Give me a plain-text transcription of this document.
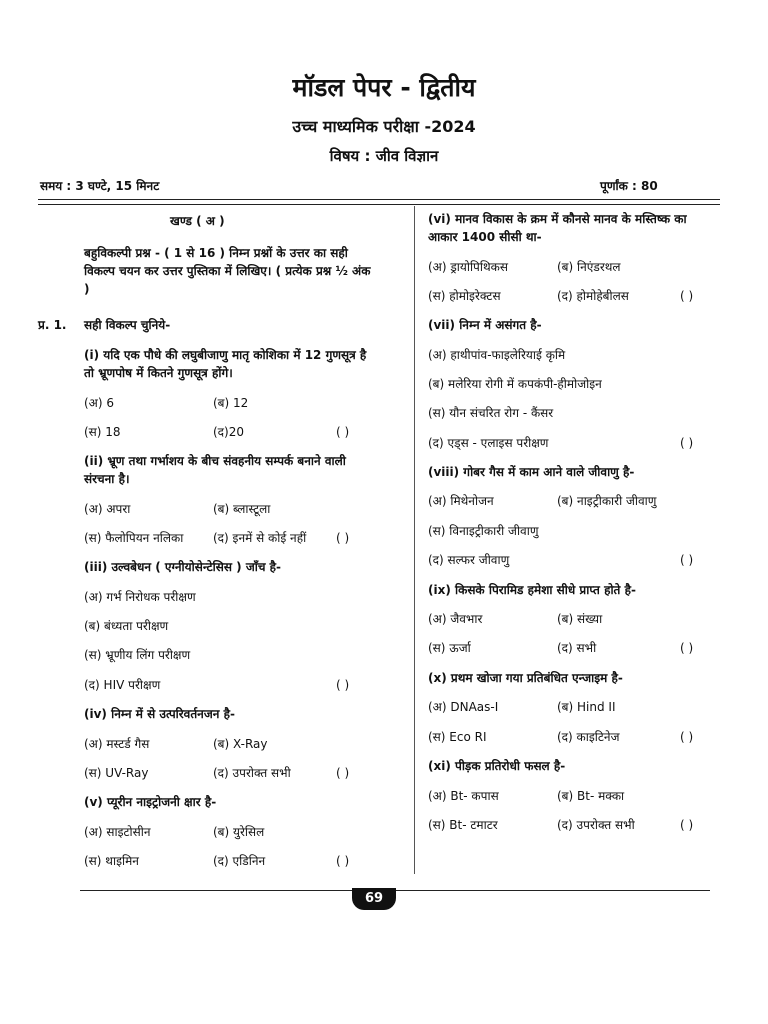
मॉडल पेपर - द्वितीय
उच्च माध्यमिक परीक्षा -2024
विषय : जीव विज्ञान
समय : 3 घण्टे, 15 मिनट	पूर्णांक : 80
खण्ड ( अ )
बहुविकल्पी प्रश्न - ( 1 से 16 ) निम्न प्रश्नों के उत्तर का सही विकल्प चयन कर उत्तर पुस्तिका में लिखिए। ( प्रत्येक प्रश्न ½ अंक )
प्र. 1. सही विकल्प चुनिये-
(i) यदि एक पौधे की लघुबीजाणु मातृ कोशिका में 12 गुणसूत्र है तो भ्रूणपोष में कितने गुणसूत्र होंगे।
(अ) 6	(ब) 12
(स) 18	(द)20	( )
(ii) भ्रूण तथा गर्भाशय के बीच संवहनीय सम्पर्क बनाने वाली संरचना है।
(अ) अपरा	(ब) ब्लास्टूला
(स) फैलोपियन नलिका (द) इनमें से कोई नहीं ( )
(iii) उल्वबेधन ( एग्नीयोसेन्टेसिस ) जाँच है-
(अ) गर्भ निरोधक परीक्षण
(ब) बंध्यता परीक्षण
(स) भ्रूणीय लिंग परीक्षण
(द) HIV परीक्षण	( )
(iv) निम्न में से उत्परिवर्तनजन है-
(अ) मस्टर्ड गैस	(ब) X-Ray
(स) UV-Ray	(द) उपरोक्त सभी	( )
(v) प्यूरीन नाइट्रोजनी क्षार है-
(अ) साइटोसीन	(ब) युरेसिल
(स) थाइमिन	(द) एडिनिन	( )
(vi) मानव विकास के क्रम में कौनसे मानव के मस्तिष्क का आकार 1400 सीसी था-
(अ) ड्रायोपिथिकस	(ब) निएंडरथल
(स) होमोइरेक्टस	(द) होमोहेबीलस	( )
(vii) निम्न में असंगत है-
(अ) हाथीपांव-फाइलेरियाई कृमि
(ब) मलेरिया रोगी में कपकंपी-हीमोजोइन
(स) यौन संचरित रोग - कैंसर
(द) एड्स - एलाइस परीक्षण	( )
(viii) गोबर गैस में काम आने वाले जीवाणु है-
(अ) मिथेनोजन	(ब) नाइट्रीकारी जीवाणु
(स) विनाइट्रीकारी जीवाणु
(द) सल्फर जीवाणु	( )
(ix) किसके पिरामिड हमेशा सीधे प्राप्त होते है-
(अ) जैवभार	(ब) संख्या
(स) ऊर्जा	(द) सभी	( )
(x) प्रथम खोजा गया प्रतिबंधित एन्जाइम है-
(अ) DNAas-I	(ब) Hind II
(स) Eco RI	(द) काइटिनेज	( )
(xi) पीड़क प्रतिरोधी फसल है-
(अ) Bt- कपास	(ब) Bt- मक्का
(स) Bt- टमाटर	(द) उपरोक्त सभी	( )
69
